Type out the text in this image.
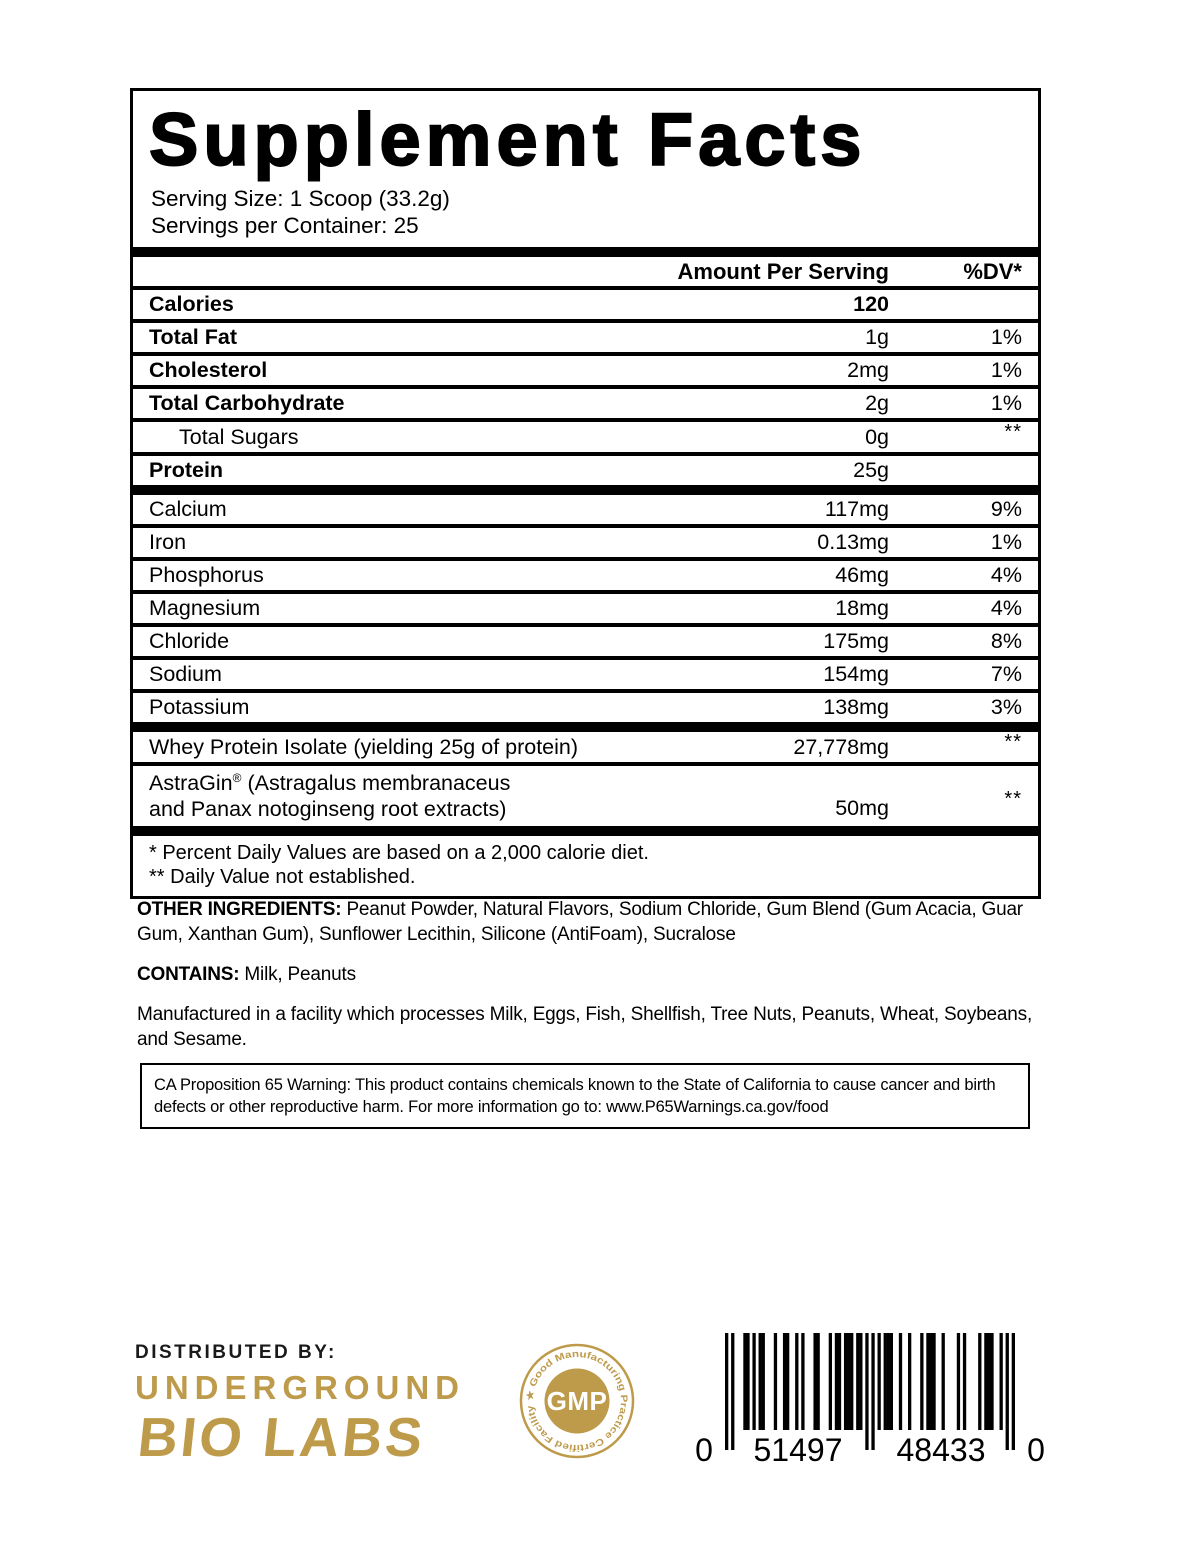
Supplement Facts
Serving Size: 1 Scoop (33.2g)
Servings per Container: 25
Amount Per Serving	%DV*
Calories	120
Total Fat	1g	1%
Cholesterol	2mg	1%
Total Carbohydrate	2g	1%
Total Sugars	0g	**
Protein	25g
Calcium	117mg	9%
Iron	0.13mg	1%
Phosphorus	46mg	4%
Magnesium	18mg	4%
Chloride	175mg	8%
Sodium	154mg	7%
Potassium	138mg	3%
Whey Protein Isolate (yielding 25g of protein)	27,778mg	**
AstraGin® (Astragalus membranaceus
and Panax notoginseng root extracts)	50mg	**
* Percent Daily Values are based on a 2,000 calorie diet.
** Daily Value not established.

OTHER INGREDIENTS: Peanut Powder, Natural Flavors, Sodium Chloride, Gum Blend (Gum Acacia, Guar Gum, Xanthan Gum), Sunflower Lecithin, Silicone (AntiFoam), Sucralose

CONTAINS: Milk, Peanuts

Manufactured in a facility which processes Milk, Eggs, Fish, Shellfish, Tree Nuts, Peanuts, Wheat, Soybeans, and Sesame.

CA Proposition 65 Warning: This product contains chemicals known to the State of California to cause cancer and birth defects or other reproductive harm. For more information go to: www.P65Warnings.ca.gov/food
DISTRIBUTED BY:
UNDERGROUND
BIO LABS
★ Good Manufacturing Practice Certified Facility GMP
0 51497 48433 0
